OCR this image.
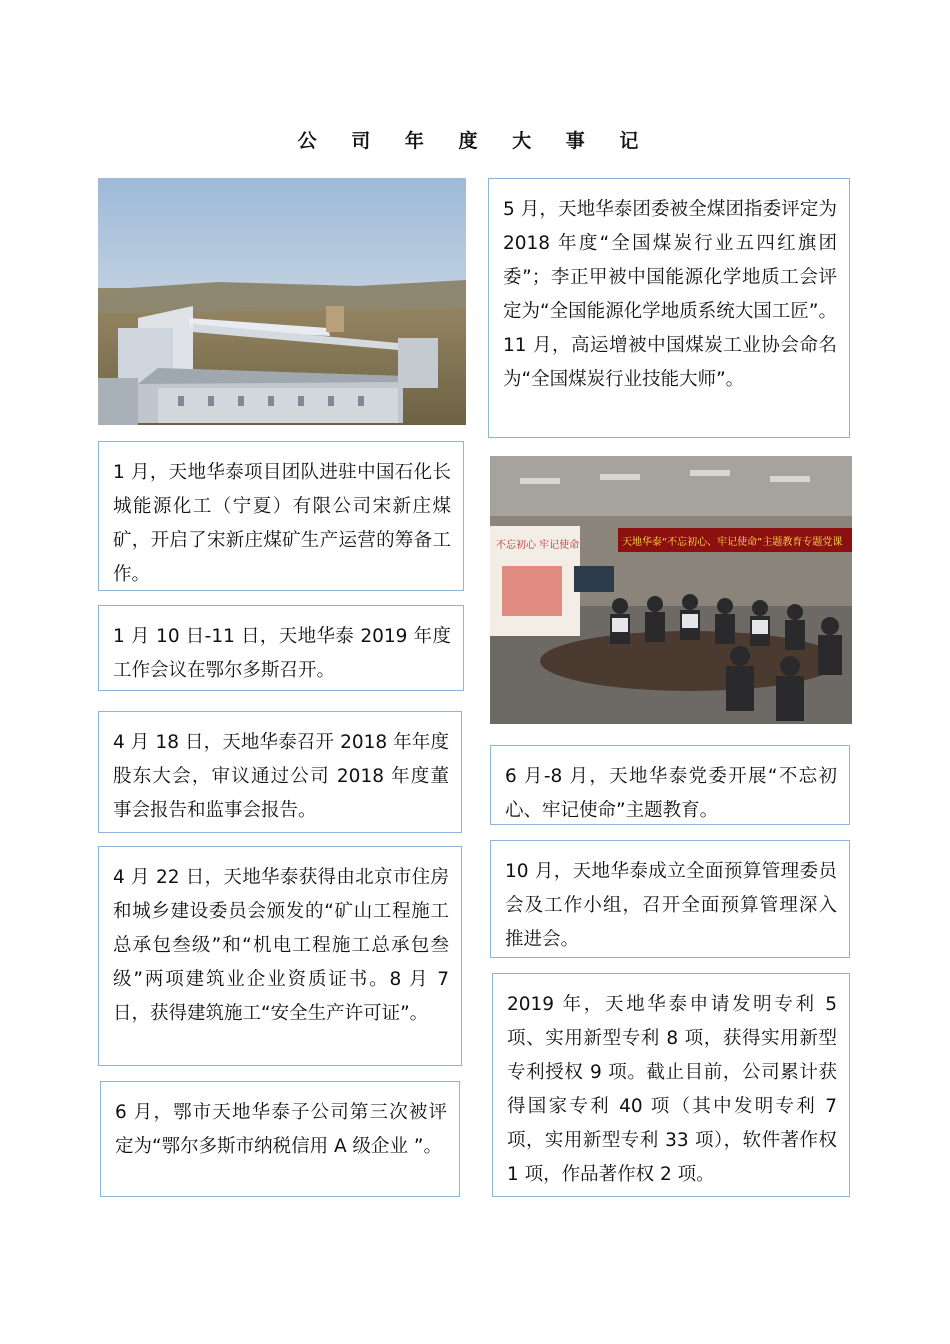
公 司 年 度 大 事 记
不忘初心 牢记使命	天地华泰“不忘初心、牢记使命”主题教育专题党课
1 月，天地华泰项目团队进驻中国石化长城能源化工（宁夏）有限公司宋新庄煤矿，开启了宋新庄煤矿生产运营的筹备工作。
1 月 10 日-11 日，天地华泰 2019 年度工作会议在鄂尔多斯召开。
4 月 18 日，天地华泰召开 2018 年年度股东大会，审议通过公司 2018 年度董事会报告和监事会报告。
4 月 22 日，天地华泰获得由北京市住房和城乡建设委员会颁发的“矿山工程施工总承包叁级”和“机电工程施工总承包叁级”两项建筑业企业资质证书。8 月 7 日，获得建筑施工“安全生产许可证”。
6 月，鄂市天地华泰子公司第三次被评定为“鄂尔多斯市纳税信用 A 级企业 ”。
5 月，天地华泰团委被全煤团指委评定为 2018 年度“全国煤炭行业五四红旗团委”；李正甲被中国能源化学地质工会评定为“全国能源化学地质系统大国工匠”。11 月，高运增被中国煤炭工业协会命名为“全国煤炭行业技能大师”。
6 月-8 月，天地华泰党委开展“不忘初心、牢记使命”主题教育。
10 月，天地华泰成立全面预算管理委员会及工作小组，召开全面预算管理深入推进会。
2019 年，天地华泰申请发明专利 5 项、实用新型专利 8 项，获得实用新型专利授权 9 项。截止目前，公司累计获得国家专利 40 项（其中发明专利 7 项，实用新型专利 33 项），软件著作权 1 项，作品著作权 2 项。
